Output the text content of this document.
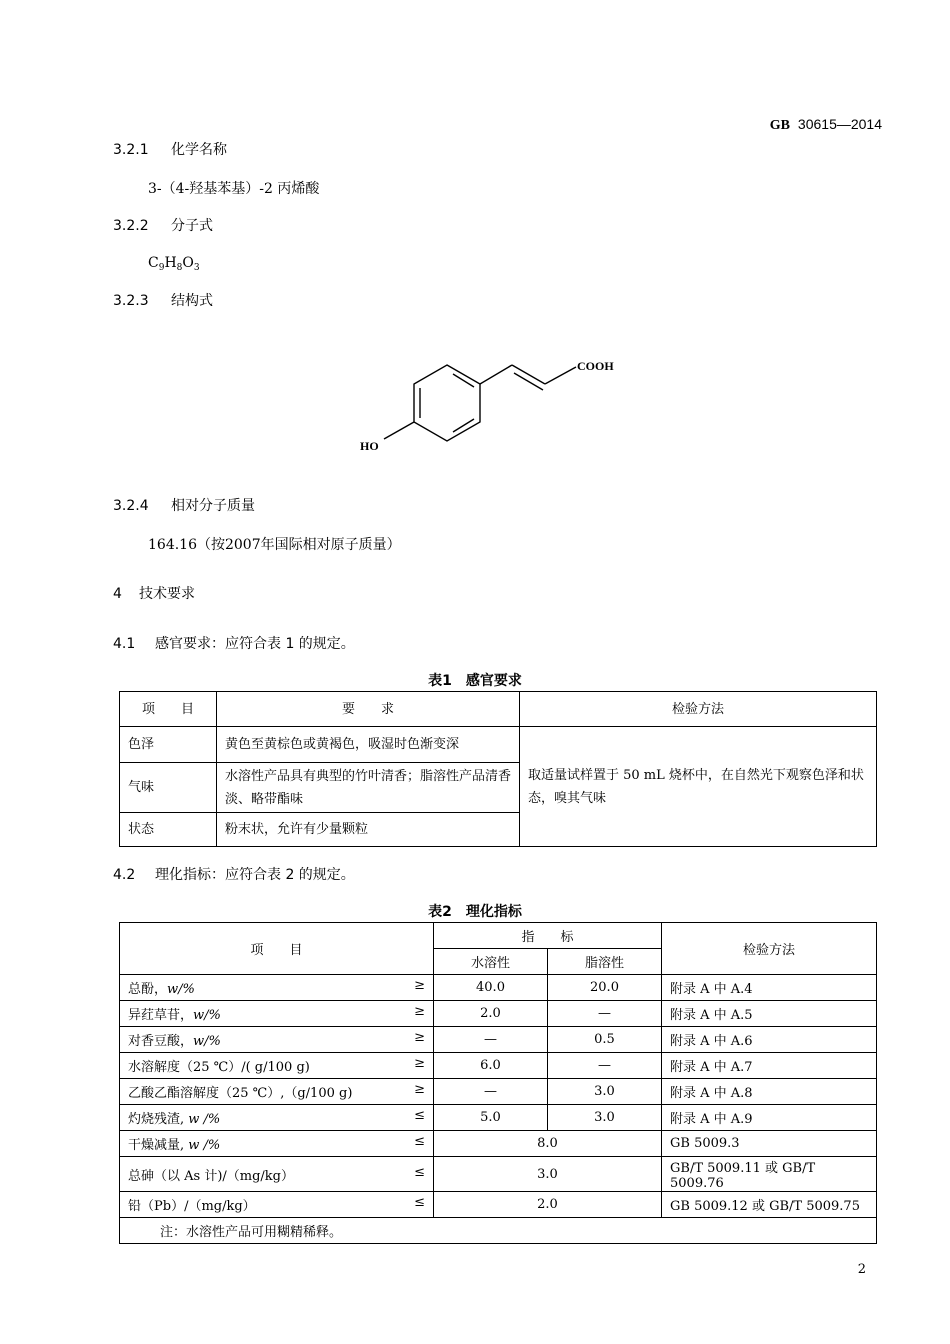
GB 30615—2014
3.2.1 化学名称
3-（4-羟基苯基）-2 丙烯酸
3.2.2 分子式
$C_9H_8O_3$
3.2.3 结构式
COOH
HO
3.2.4 相对分子质量
164.16（按2007年国际相对原子质量）
4 技术要求
4.1 感官要求：应符合表 1 的规定。
表1　感官要求
项　　目	要　　求	检验方法
色泽	黄色至黄棕色或黄褐色，吸湿时色渐变深	取适量试样置于 50 mL 烧杯中，在自然光下观察色泽和状态，嗅其气味
气味	水溶性产品具有典型的竹叶清香；脂溶性产品清香淡、略带酯味	
状态	粉末状，允许有少量颗粒	
4.2 理化指标：应符合表 2 的规定。
表2　理化指标
项　　目	指　　标		检验方法
	水溶性	脂溶性	

总酚，w/% ≥	40.0	20.0	附录 A 中 A.4

异荭草苷，w/% ≥	2.0	—	附录 A 中 A.5

对香豆酸，w/% ≥	—	0.5	附录 A 中 A.6

水溶解度（25 ℃）/( g/100 g) ≥	6.0	—	附录 A 中 A.7

乙酸乙酯溶解度（25 ℃）,（g/100 g) ≥	—	3.0	附录 A 中 A.8

灼烧残渣, w /% ≤	5.0	3.0	附录 A 中 A.9

干燥减量, w /% ≤	8.0		GB 5009.3

总砷（以 As 计)/（mg/kg） ≤	3.0		GB/T 5009.11 或 GB/T 5009.76

铅（Pb）/（mg/kg） ≤	2.0		GB 5009.12 或 GB/T 5009.75
注：水溶性产品可用糊精稀释。			
2
